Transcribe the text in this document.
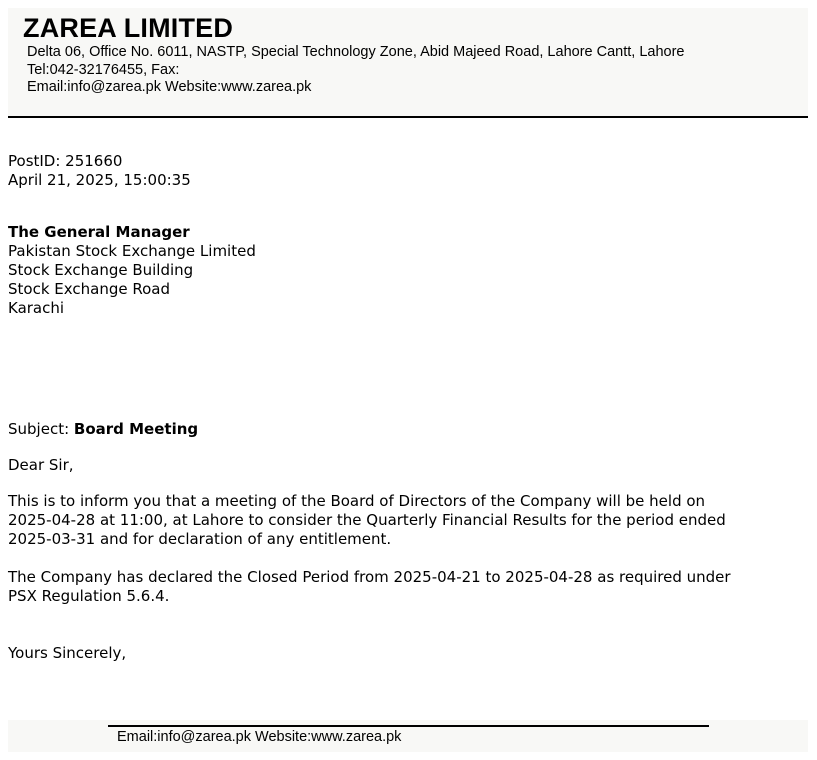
ZAREA LIMITED
Delta 06, Office No. 6011, NASTP, Special Technology Zone, Abid Majeed Road, Lahore Cantt, Lahore
Tel:042-32176455, Fax:
Email:info@zarea.pk Website:www.zarea.pk
PostID: 251660
April 21, 2025, 15:00:35
The General Manager
Pakistan Stock Exchange Limited
Stock Exchange Building
Stock Exchange Road
Karachi
Subject: Board Meeting
Dear Sir,
This is to inform you that a meeting of the Board of Directors of the Company will be held on
2025-04-28 at 11:00, at Lahore to consider the Quarterly Financial Results for the period ended
2025-03-31 and for declaration of any entitlement.
The Company has declared the Closed Period from 2025-04-21 to 2025-04-28 as required under
PSX Regulation 5.6.4.
Yours Sincerely,
Email:info@zarea.pk Website:www.zarea.pk
